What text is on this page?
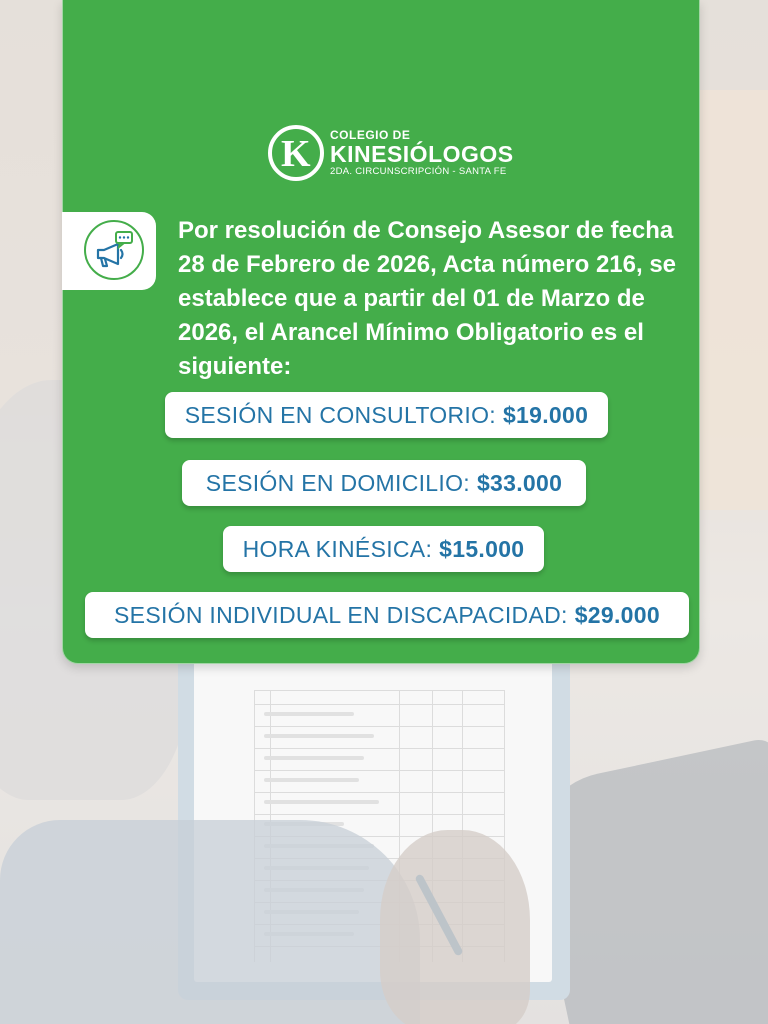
K COLEGIO DE
KINESIÓLOGOS
2DA. CIRCUNSCRIPCIÓN - SANTA FE

Por resolución de Consejo Asesor de fecha 28 de Febrero de 2026, Acta número 216, se establece que a partir del 01 de Marzo de 2026, el Arancel Mínimo Obligatorio es el siguiente:

SESIÓN EN CONSULTORIO: $19.000
SESIÓN EN DOMICILIO: $33.000
HORA KINÉSICA: $15.000
SESIÓN INDIVIDUAL EN DISCAPACIDAD: $29.000
